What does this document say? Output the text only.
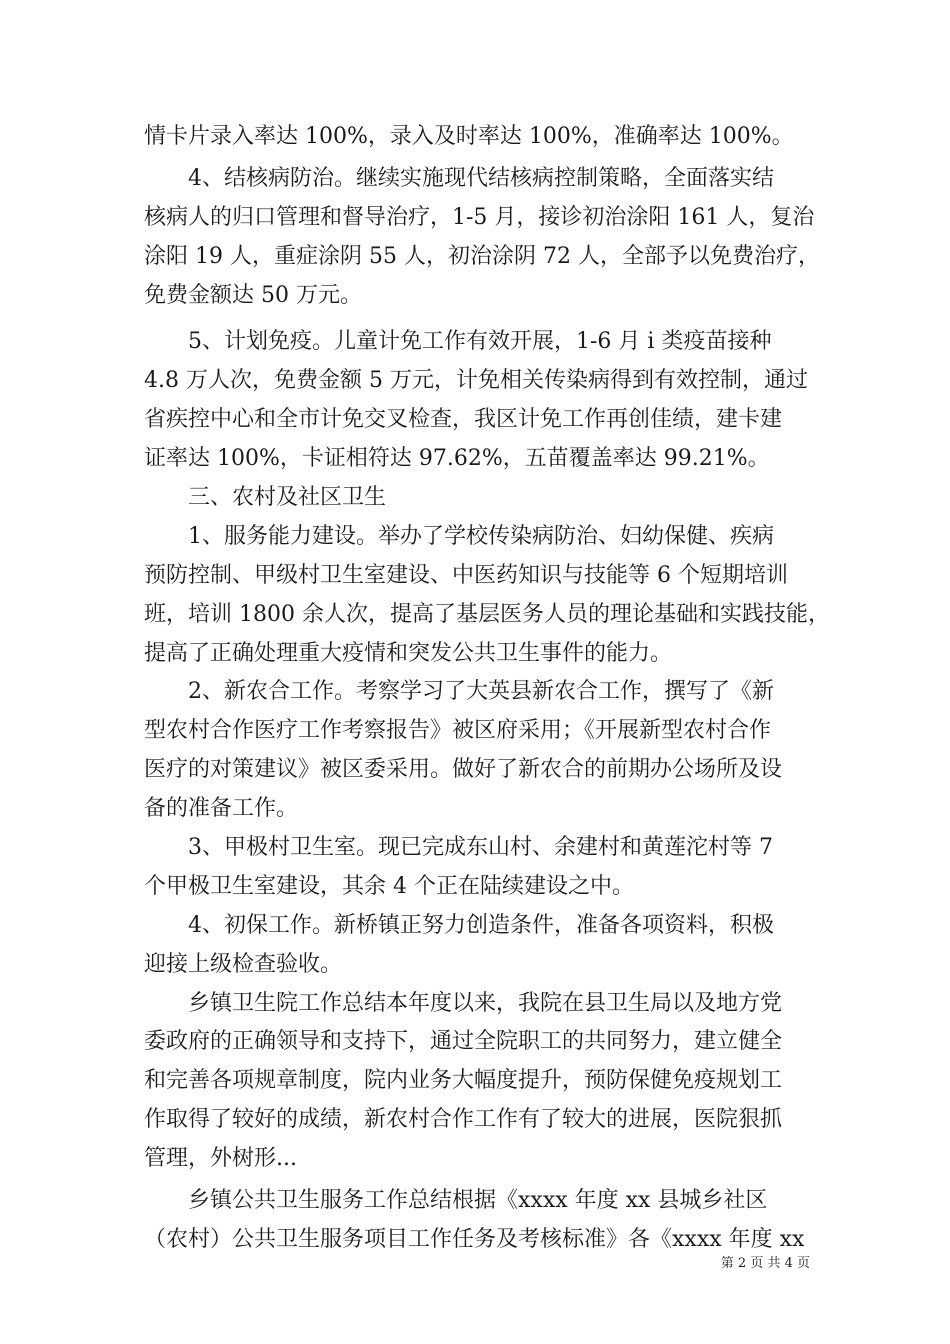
情卡片录入率达 100%，录入及时率达 100%，准确率达 100%。

　　4、结核病防治。继续实施现代结核病控制策略，全面落实结
核病人的归口管理和督导治疗，1-5 月，接诊初治涂阳 161 人，复治
涂阳 19 人，重症涂阴 55 人，初治涂阴 72 人，全部予以免费治疗，
免费金额达 50 万元。

　　5、计划免疫。儿童计免工作有效开展，1-6 月 i 类疫苗接种
4.8 万人次，免费金额 5 万元，计免相关传染病得到有效控制，通过
省疾控中心和全市计免交叉检查，我区计免工作再创佳绩，建卡建
证率达 100%，卡证相符达 97.62%，五苗覆盖率达 99.21%。

　　三、农村及社区卫生

　　1、服务能力建设。举办了学校传染病防治、妇幼保健、疾病
预防控制、甲级村卫生室建设、中医药知识与技能等 6 个短期培训
班，培训 1800 余人次，提高了基层医务人员的理论基础和实践技能，
提高了正确处理重大疫情和突发公共卫生事件的能力。

　　2、新农合工作。考察学习了大英县新农合工作，撰写了《新
型农村合作医疗工作考察报告》被区府采用；《开展新型农村合作
医疗的对策建议》被区委采用。做好了新农合的前期办公场所及设
备的准备工作。

　　3、甲极村卫生室。现已完成东山村、余建村和黄莲沱村等 7
个甲极卫生室建设，其余 4 个正在陆续建设之中。

　　4、初保工作。新桥镇正努力创造条件，准备各项资料，积极
迎接上级检查验收。

　　乡镇卫生院工作总结本年度以来，我院在县卫生局以及地方党
委政府的正确领导和支持下，通过全院职工的共同努力，建立健全
和完善各项规章制度，院内业务大幅度提升，预防保健免疫规划工
作取得了较好的成绩，新农村合作工作有了较大的进展，医院狠抓
管理，外树形...

　　乡镇公共卫生服务工作总结根据《xxxx 年度 xx 县城乡社区
（农村）公共卫生服务项目工作任务及考核标准》各《xxxx 年度 xx

第 2 页 共 4 页
